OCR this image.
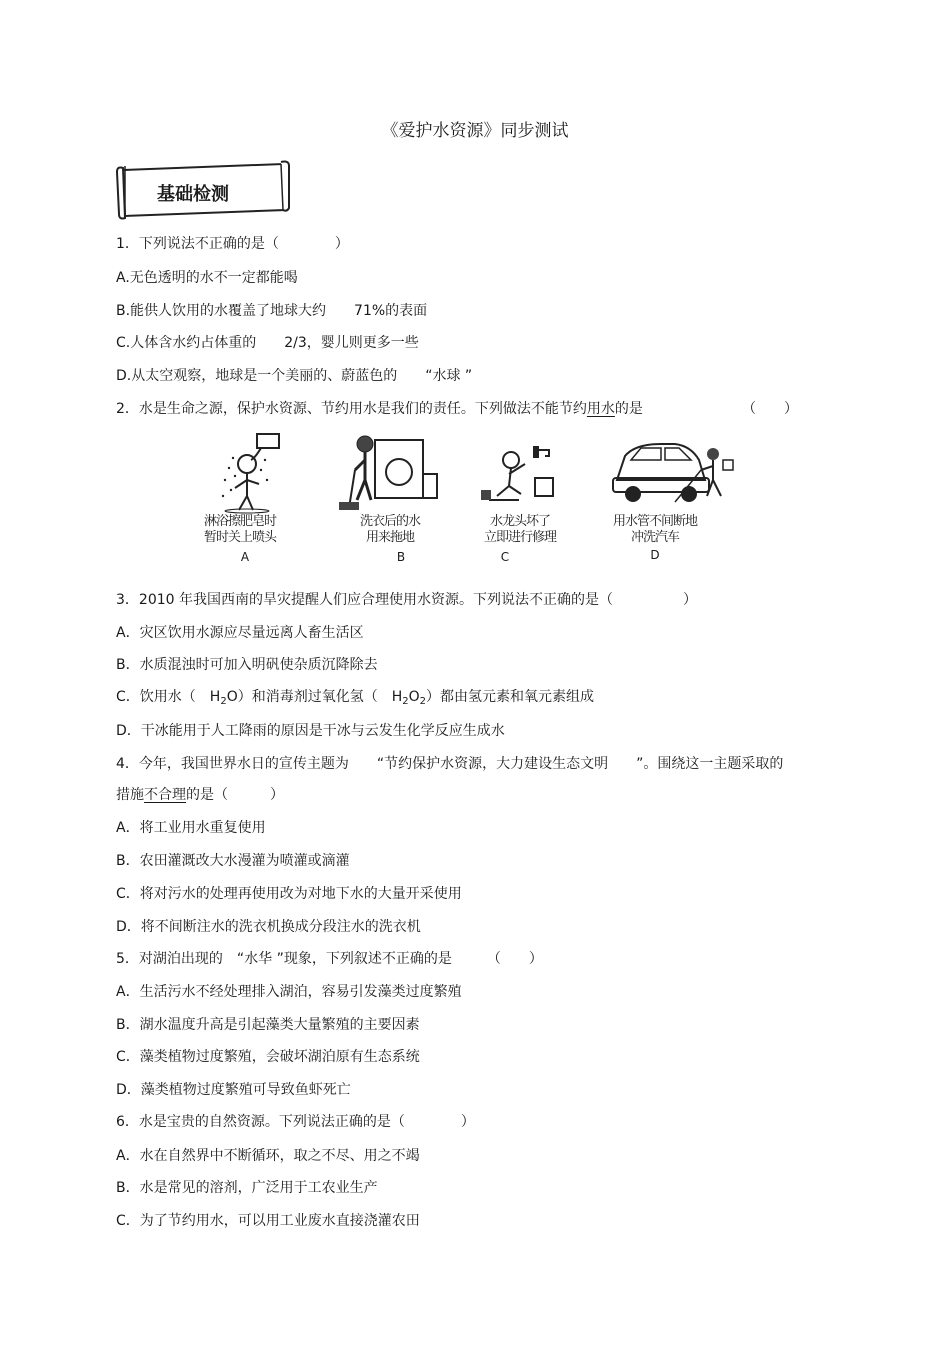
《爱护水资源》同步测试
基础检测
1．下列说法不正确的是（　　　　）
A.无色透明的水不一定都能喝
B.能供人饮用的水覆盖了地球大约　　71%的表面
C.人体含水约占体重的　　2/3，婴儿则更多一些
D.从太空观察，地球是一个美丽的、蔚蓝色的　　“水球 ”
2．水是生命之源，保护水资源、节约用水是我们的责任。下列做法不能节约用水的是	（　　）
淋浴擦肥皂时
暂时关上喷头
A
洗衣后的水
用来拖地
B
水龙头坏了
立即进行修理
C
用水管不间断地
冲洗汽车
D
3．2010 年我国西南的旱灾提醒人们应合理使用水资源。下列说法不正确的是（　　　　　）
A．灾区饮用水源应尽量远离人畜生活区
B．水质混浊时可加入明矾使杂质沉降除去
C．饮用水（　$H_2O$）和消毒剂过氧化氢（　$H_2O_2$）都由氢元素和氧元素组成
D．干冰能用于人工降雨的原因是干冰与云发生化学反应生成水
4．今年，我国世界水日的宣传主题为　　“节约保护水资源，大力建设生态文明　　”。围绕这一主题采取的
措施不合理的是（　　　）
A．将工业用水重复使用
B．农田灌溉改大水漫灌为喷灌或滴灌
C．将对污水的处理再使用改为对地下水的大量开采使用
D．将不间断注水的洗衣机换成分段注水的洗衣机
5．对湖泊出现的　“水华 ”现象，下列叙述不正确的是　　　（　　）
A．生活污水不经处理排入湖泊，容易引发藻类过度繁殖
B．湖水温度升高是引起藻类大量繁殖的主要因素
C．藻类植物过度繁殖，会破坏湖泊原有生态系统
D．藻类植物过度繁殖可导致鱼虾死亡
6．水是宝贵的自然资源。下列说法正确的是（　　　　）
A．水在自然界中不断循环，取之不尽、用之不竭
B．水是常见的溶剂，广泛用于工农业生产
C．为了节约用水，可以用工业废水直接浇灌农田
